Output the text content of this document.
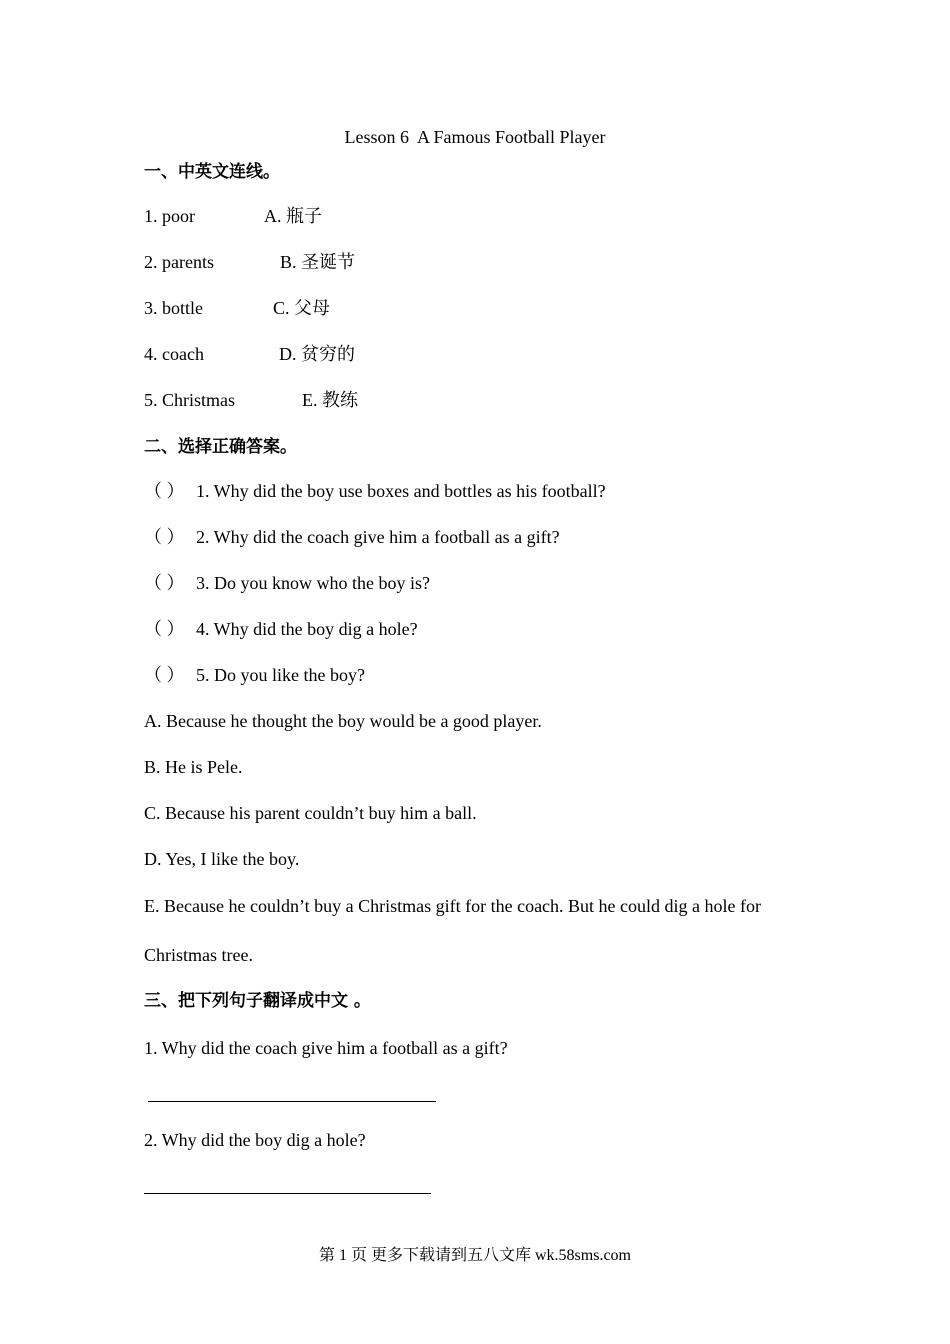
Lesson 6  A Famous Football Player
一、中英文连线。
1. poor	A. 瓶子
2. parents	B. 圣诞节
3. bottle	C. 父母
4. coach	D. 贫穷的
5. Christmas	E. 教练
二、选择正确答案。
（ ） 1. Why did the boy use boxes and bottles as his football?
（ ） 2. Why did the coach give him a football as a gift?
（ ） 3. Do you know who the boy is?
（ ） 4. Why did the boy dig a hole?
（ ） 5. Do you like the boy?
A. Because he thought the boy would be a good player.
B. He is Pele.
C. Because his parent couldn’t buy him a ball.
D. Yes, I like the boy.
E. Because he couldn’t buy a Christmas gift for the coach. But he could dig a hole for
Christmas tree.
三、把下列句子翻译成中文 。
1. Why did the coach give him a football as a gift?
2. Why did the boy dig a hole?
第 1 页 更多下载请到五八文库 wk.58sms.com
